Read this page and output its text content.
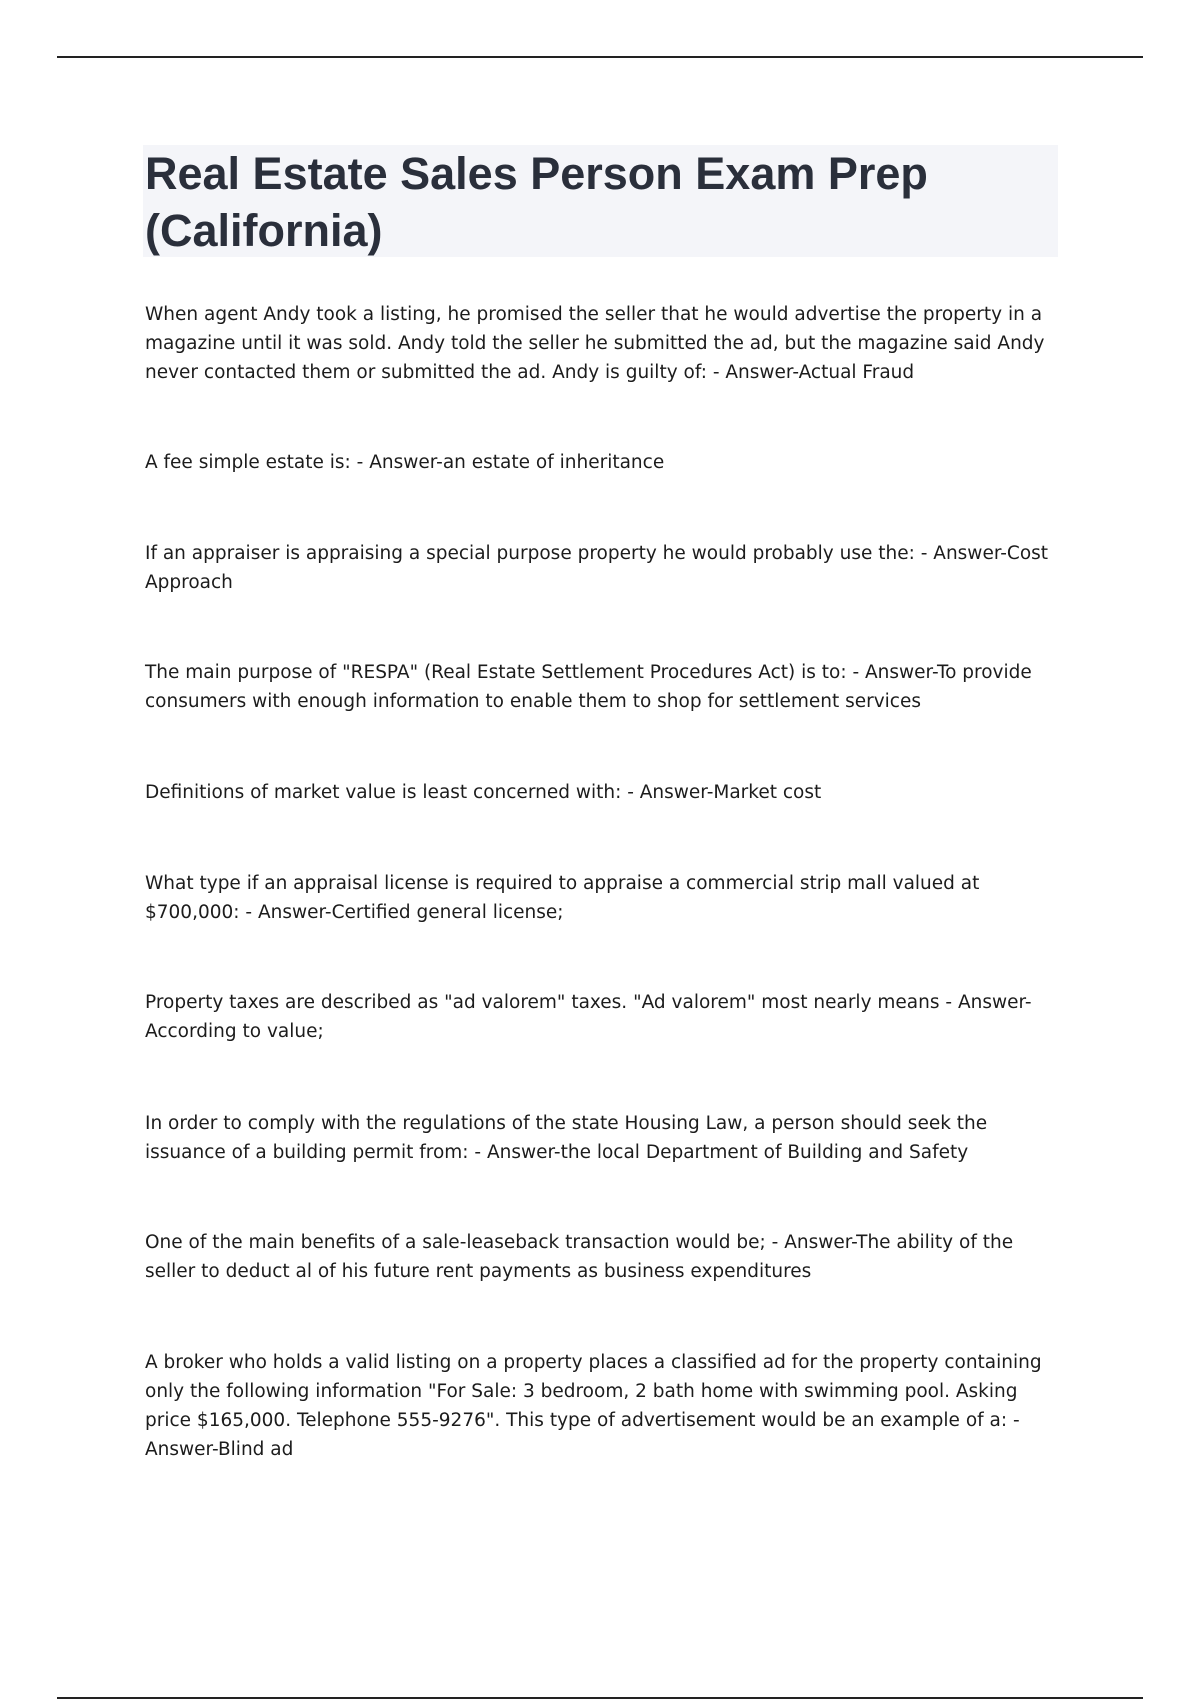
Real Estate Sales Person Exam Prep (California)

When agent Andy took a listing, he promised the seller that he would advertise the property in a magazine until it was sold. Andy told the seller he submitted the ad, but the magazine said Andy never contacted them or submitted the ad. Andy is guilty of: - Answer-Actual Fraud

A fee simple estate is: - Answer-an estate of inheritance

If an appraiser is appraising a special purpose property he would probably use the: - Answer-Cost Approach

The main purpose of "RESPA" (Real Estate Settlement Procedures Act) is to: - Answer-To provide consumers with enough information to enable them to shop for settlement services

Definitions of market value is least concerned with: - Answer-Market cost

What type if an appraisal license is required to appraise a commercial strip mall valued at $700,000: - Answer-Certified general license;

Property taxes are described as "ad valorem" taxes. "Ad valorem" most nearly means - Answer-According to value;

In order to comply with the regulations of the state Housing Law, a person should seek the issuance of a building permit from: - Answer-the local Department of Building and Safety

One of the main benefits of a sale-leaseback transaction would be; - Answer-The ability of the seller to deduct al of his future rent payments as business expenditures

A broker who holds a valid listing on a property places a classified ad for the property containing only the following information "For Sale: 3 bedroom, 2 bath home with swimming pool. Asking price $165,000. Telephone 555-9276". This type of advertisement would be an example of a: - Answer-Blind ad
